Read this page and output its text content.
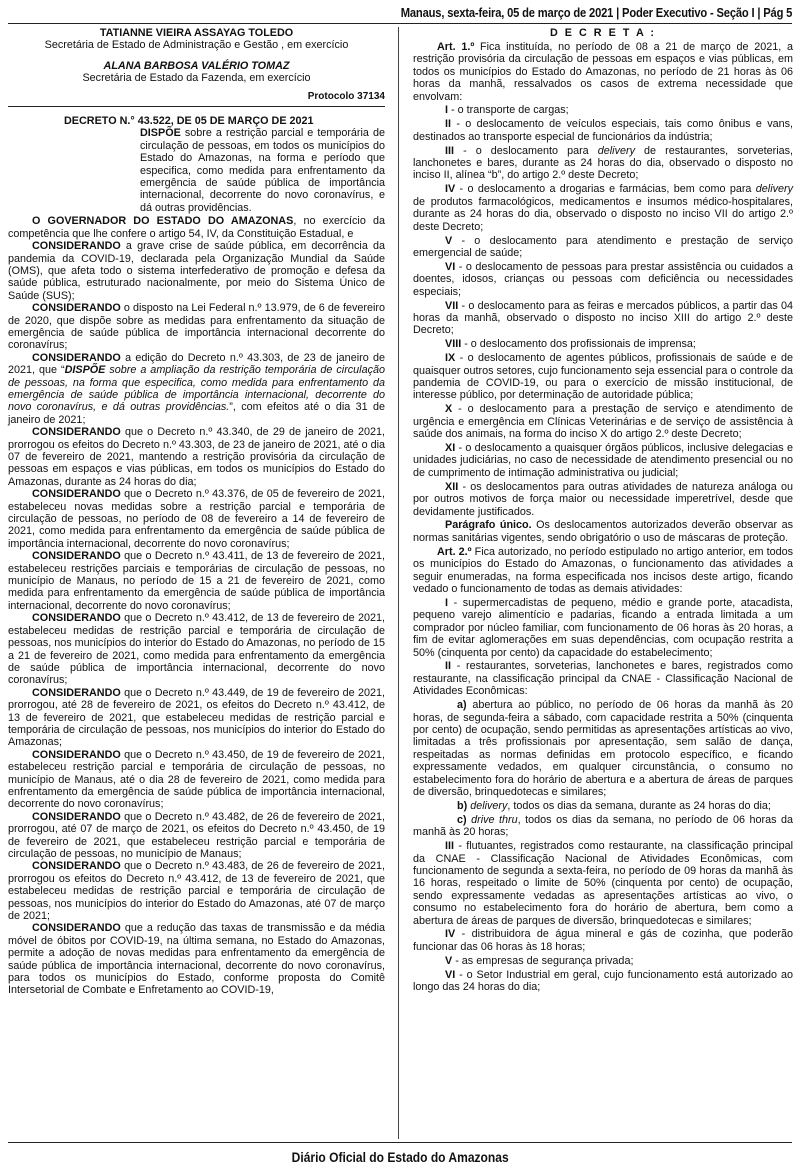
Manaus, sexta-feira, 05 de março de 2021 | Poder Executivo - Seção I | Pág 5

TATIANNE VIEIRA ASSAYAG TOLEDO

Secretária de Estado de Administração e Gestão , em exercício

ALANA BARBOSA VALÉRIO TOMAZ

Secretária de Estado da Fazenda, em exercício

Protocolo 37134

DECRETO N.° 43.522, DE 05 DE MARÇO DE 2021

DISPÕE sobre a restrição parcial e temporária de circulação de pessoas, em todos os municípios do Estado do Amazonas, na forma e período que especifica, como medida para enfrentamento da emergência de saúde pública de importância internacional, decorrente do novo coronavírus, e dá outras providências.

O GOVERNADOR DO ESTADO DO AMAZONAS, no exercício da competência que lhe confere o artigo 54, IV, da Constituição Estadual, e

CONSIDERANDO a grave crise de saúde pública, em decorrência da pandemia da COVID-19, declarada pela Organização Mundial da Saúde (OMS), que afeta todo o sistema interfederativo de promoção e defesa da saúde pública, estruturado nacionalmente, por meio do Sistema Único de Saúde (SUS);

CONSIDERANDO o disposto na Lei Federal n.º 13.979, de 6 de fevereiro de 2020, que dispõe sobre as medidas para enfrentamento da situação de emergência de saúde pública de importância internacional decorrente do coronavírus;

CONSIDERANDO a edição do Decreto n.º 43.303, de 23 de janeiro de 2021, que “DISPÕE sobre a ampliação da restrição temporária de circulação de pessoas, na forma que especifica, como medida para enfrentamento da emergência de saúde pública de importância internacional, decorrente do novo coronavírus, e dá outras providências.”, com efeitos até o dia 31 de janeiro de 2021;

CONSIDERANDO que o Decreto n.º 43.340, de 29 de janeiro de 2021, prorrogou os efeitos do Decreto n.º 43.303, de 23 de janeiro de 2021, até o dia 07 de fevereiro de 2021, mantendo a restrição provisória da circulação de pessoas em espaços e vias públicas, em todos os municípios do Estado do Amazonas, durante as 24 horas do dia;

CONSIDERANDO que o Decreto n.º 43.376, de 05 de fevereiro de 2021, estabeleceu novas medidas sobre a restrição parcial e temporária de circulação de pessoas, no período de 08 de fevereiro a 14 de fevereiro de 2021, como medida para enfrentamento da emergência de saúde pública de importância internacional, decorrente do novo coronavírus;

CONSIDERANDO que o Decreto n.º 43.411, de 13 de fevereiro de 2021, estabeleceu restrições parciais e temporárias de circulação de pessoas, no município de Manaus, no período de 15 a 21 de fevereiro de 2021, como medida para enfrentamento da emergência de saúde pública de importância internacional, decorrente do novo coronavírus;

CONSIDERANDO que o Decreto n.º 43.412, de 13 de fevereiro de 2021, estabeleceu medidas de restrição parcial e temporária de circulação de pessoas, nos municípios do interior do Estado do Amazonas, no período de 15 a 21 de fevereiro de 2021, como medida para enfrentamento da emergência de saúde pública de importância internacional, decorrente do novo coronavírus;

CONSIDERANDO que o Decreto n.º 43.449, de 19 de fevereiro de 2021, prorrogou, até 28 de fevereiro de 2021, os efeitos do Decreto n.º 43.412, de 13 de fevereiro de 2021, que estabeleceu medidas de restrição parcial e temporária de circulação de pessoas, nos municípios do interior do Estado do Amazonas;

CONSIDERANDO que o Decreto n.º 43.450, de 19 de fevereiro de 2021, estabeleceu restrição parcial e temporária de circulação de pessoas, no município de Manaus, até o dia 28 de fevereiro de 2021, como medida para enfrentamento da emergência de saúde pública de importância internacional, decorrente do novo coronavírus;

CONSIDERANDO que o Decreto n.º 43.482, de 26 de fevereiro de 2021, prorrogou, até 07 de março de 2021, os efeitos do Decreto n.º 43.450, de 19 de fevereiro de 2021, que estabeleceu restrição parcial e temporária de circulação de pessoas, no município de Manaus;

CONSIDERANDO que o Decreto n.º 43.483, de 26 de fevereiro de 2021, prorrogou os efeitos do Decreto n.º 43.412, de 13 de fevereiro de 2021, que estabeleceu medidas de restrição parcial e temporária de circulação de pessoas, nos municípios do interior do Estado do Amazonas, até 07 de março de 2021;

CONSIDERANDO que a redução das taxas de transmissão e da média móvel de óbitos por COVID-19, na última semana, no Estado do Amazonas, permite a adoção de novas medidas para enfrentamento da emergência de saúde pública de importância internacional, decorrente do novo coronavírus, para todos os municípios do Estado, conforme proposta do Comitê Intersetorial de Combate e Enfretamento ao COVID-19,

D E C R E T A :

Art. 1.º Fica instituída, no período de 08 a 21 de março de 2021, a restrição provisória da circulação de pessoas em espaços e vias públicas, em todos os municípios do Estado do Amazonas, no período de 21 horas às 06 horas da manhã, ressalvados os casos de extrema necessidade que envolvam:

I - o transporte de cargas;

II - o deslocamento de veículos especiais, tais como ônibus e vans, destinados ao transporte especial de funcionários da indústria;

III - o deslocamento para delivery de restaurantes, sorveterias, lanchonetes e bares, durante as 24 horas do dia, observado o disposto no inciso II, alínea “b”, do artigo 2.º deste Decreto;

IV - o deslocamento a drogarias e farmácias, bem como para delivery de produtos farmacológicos, medicamentos e insumos médico-hospitalares, durante as 24 horas do dia, observado o disposto no inciso VII do artigo 2.º deste Decreto;

V - o deslocamento para atendimento e prestação de serviço emergencial de saúde;

VI - o deslocamento de pessoas para prestar assistência ou cuidados a doentes, idosos, crianças ou pessoas com deficiência ou necessidades especiais;

VII - o deslocamento para as feiras e mercados públicos, a partir das 04 horas da manhã, observado o disposto no inciso XIII do artigo 2.º deste Decreto;

VIII - o deslocamento dos profissionais de imprensa;

IX - o deslocamento de agentes públicos, profissionais de saúde e de quaisquer outros setores, cujo funcionamento seja essencial para o controle da pandemia de COVID-19, ou para o exercício de missão institucional, de interesse público, por determinação de autoridade pública;

X - o deslocamento para a prestação de serviço e atendimento de urgência e emergência em Clínicas Veterinárias e de serviço de assistência à saúde dos animais, na forma do inciso X do artigo 2.º deste Decreto;

XI - o deslocamento a quaisquer órgãos públicos, inclusive delegacias e unidades judiciárias, no caso de necessidade de atendimento presencial ou no de cumprimento de intimação administrativa ou judicial;

XII - os deslocamentos para outras atividades de natureza análoga ou por outros motivos de força maior ou necessidade imperetrível, desde que devidamente justificados.

Parágrafo único. Os deslocamentos autorizados deverão observar as normas sanitárias vigentes, sendo obrigatório o uso de máscaras de proteção.

Art. 2.º Fica autorizado, no período estipulado no artigo anterior, em todos os municípios do Estado do Amazonas, o funcionamento das atividades a seguir enumeradas, na forma especificada nos incisos deste artigo, ficando vedado o funcionamento de todas as demais atividades:

I - supermercadistas de pequeno, médio e grande porte, atacadista, pequeno varejo alimentício e padarias, ficando a entrada limitada a um comprador por núcleo familiar, com funcionamento de 06 horas às 20 horas, a fim de evitar aglomerações em suas dependências, com ocupação restrita a 50% (cinquenta por cento) da capacidade do estabelecimento;

II - restaurantes, sorveterias, lanchonetes e bares, registrados como restaurante, na classificação principal da CNAE - Classificação Nacional de Atividades Econômicas:

a) abertura ao público, no período de 06 horas da manhã às 20 horas, de segunda-feira a sábado, com capacidade restrita a 50% (cinquenta por cento) de ocupação, sendo permitidas as apresentações artísticas ao vivo, limitadas a três profissionais por apresentação, sem salão de dança, respeitadas as normas definidas em protocolo específico, e ficando expressamente vedados, em qualquer circunstância, o consumo no estabelecimento fora do horário de abertura e a abertura de áreas de parques de diversão, brinquedotecas e similares;

b) delivery, todos os dias da semana, durante as 24 horas do dia;

c) drive thru, todos os dias da semana, no período de 06 horas da manhã às 20 horas;

III - flutuantes, registrados como restaurante, na classificação principal da CNAE - Classificação Nacional de Atividades Econômicas, com funcionamento de segunda a sexta-feira, no período de 09 horas da manhã às 16 horas, respeitado o limite de 50% (cinquenta por cento) de ocupação, sendo expressamente vedadas as apresentações artísticas ao vivo, o consumo no estabelecimento fora do horário de abertura, bem como a abertura de áreas de parques de diversão, brinquedotecas e similares;

IV - distribuidora de água mineral e gás de cozinha, que poderão funcionar das 06 horas às 18 horas;

V - as empresas de segurança privada;

VI - o Setor Industrial em geral, cujo funcionamento está autorizado ao longo das 24 horas do dia;

Diário Oficial do Estado do Amazonas
